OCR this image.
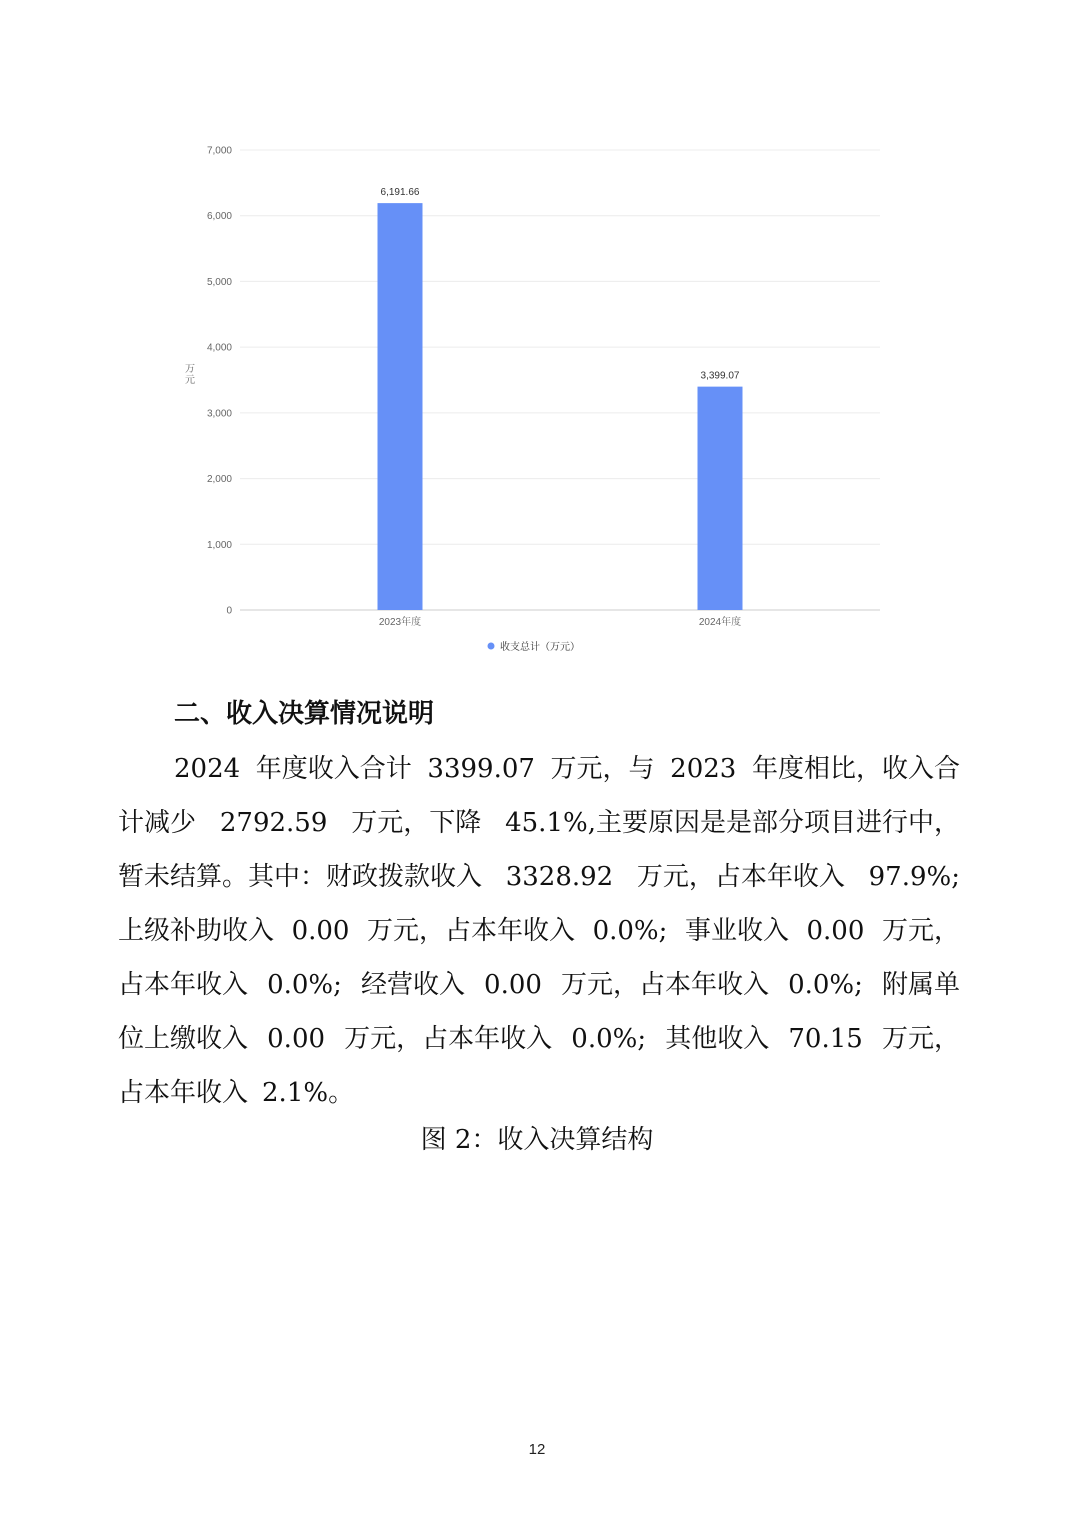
0
1,000
2,000
3,000
4,000
5,000
6,000
7,000
6,191.66
3,399.07
2023年度	2024年度
万元
收支总计（万元）
二、收入决算情况说明
2024 年度收入合计 3399.07 万元，与 2023 年度相比，收入合
计减少 2792.59 万元，下降 45.1%,主要原因是是部分项目进行中，
暂未结算。其中：财政拨款收入 3328.92 万元，占本年收入 97.9%;
上级补助收入 0.00 万元，占本年收入 0.0%; 事业收入 0.00 万元，
占本年收入 0.0%; 经营收入 0.00 万元，占本年收入 0.0%; 附属单
位上缴收入 0.00 万元，占本年收入 0.0%; 其他收入 70.15 万元，
占本年收入 2.1%。
图 2：收入决算结构
12
